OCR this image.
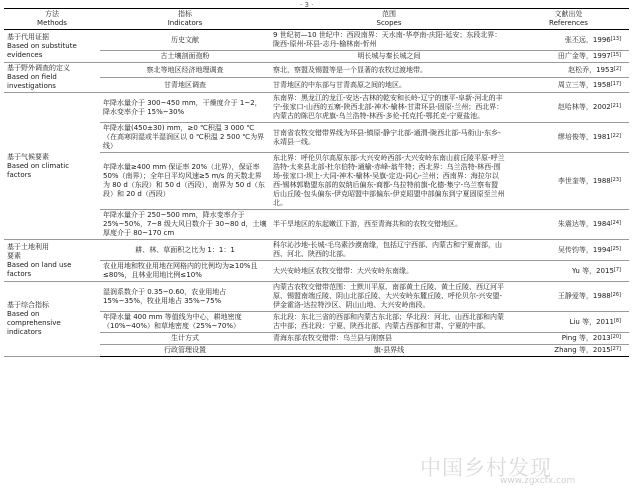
· 3 ·
方法
Methods	指标
Indicators	范围
Scopes	文献出处
References
基于代用证据
Based on substitute
evidences	历史文献	9 世纪初—10 世纪中：西段南界：天水南-华亭南-庆阳-延安；东段北界：陇西-原州-环县-志丹-榆林南-忻州	张丕远，1996[13]
	古土壤剖面孢粉	明长城与秦长城之间	田广金等，1997[15]
基于野外调查的定义
Based on field
investigations	察北等地区经济地理调查	察北，察盟及锡盟等是一个显著的农牧过渡地带。	赵松乔，1953[2]
	甘青地区调查	甘青地区的中东部与甘青高原之间的地区。	周立三等，1958[17]
基于气候要素
Based on climatic
factors	年降水量介于 300~450 mm，干燥度介于 1~2，降水变率介于 15%~30%	东南界：黑龙江的龙江-安达-吉林的乾安和长岭-辽宁的康平-阜新-河北的丰宁-张家口-山西的五寨-陕西北部-神木-榆林-甘肃环县-固原-兰州；西北界：内蒙古的陈巴尔虎旗-乌兰浩特-林西-多伦-托克托-鄂托克-宁夏盐池。	赵哈林等，2002[21]
	年降水量(450±30) mm，≥0 ℃积温 3 000 ℃（在高寒阴湿或半湿润区以 0 ℃积温 2 500 ℃为界线）	甘南省农牧交错带界线为环县-镇原-静宁北部-通渭-陇西北部-马衔山-东乡-永靖县一线。	缪培俊等，1981[22]
	年降水量≥400 mm 保证率 20%（北界），保证率 50%（南界）；全年日平均风速≥5 m/s 的天数北界为 80 d（东段）和 50 d（西段），南界为 50 d（东段）和 20 d（西段）	东北界：呼伦贝尔高原东部-大兴安岭西部-大兴安岭东南山前丘陵平原-呼兰浩特-太来县北部-杜尔伯特-通榆-赤峰-翁牛特；西北界：乌兰浩特-林西-围场-张家口-坝上-大同-神木-榆林-吴旗-定边-同心-兰州；西南界：海拉尔以西-锡林郭勒盟东部的奴纳后偏东-商都-乌拉特前旗-化德-集宁-乌兰察布盟后山丘陵-包头偏东-伊克昭盟中部偏东-伊克昭盟中部偏东到宁夏固原至兰州北。	李世奎等，1988[23]
	年降水量介于 250~500 mm，降水变率介于 25%~50%，7~8 级大风日数介于 30~80 d，土壤厚度介于 80~170 cm	半干旱地区的东起嫩江下游，西至青海共和的农牧交错地区。	朱震达等，1984[24]
基于土地利用
要素
Based on land use
factors	耕、林、草面积之比为 1：1：1	科尔沁沙地-长城-毛乌素沙漠南缘，包括辽宁西部、内蒙古和宁夏南部，山西、河北、陕西的北部。	吴传钧等，1994[25]
	农业用地和牧业用地在网格内的比例均为≥10%且≤80%，且林业用地比例≤10%	大兴安岭地区农牧交错带：大兴安岭东南缘。	Yu 等，2015[7]
基于综合指标
Based on
comprehensive
indicators	湿润系数介于 0.35~0.60，农业用地占 15%~35%，牧业用地占 35%~75%	内蒙古农牧交错带范围：土默川平原、南部黄土丘陵、黄土丘陵、西辽河平原、锡盟南端丘陵、阴山北部丘陵、大兴安岭东麓丘陵、呼伦贝尔-兴安盟-伊金霍洛-达拉特沙区、阴山山地、大兴安岭南段。	王静爱等，1988[26]
	年降水量 400 mm 等值线为中心，耕地密度（10%~40%）和草地密度（25%~70%）	东北段：东北三省的西部和内蒙古东北部；华北段：河北、山西北部和内蒙古中部；西北段：宁夏、陕西北部、内蒙古西部和甘肃、宁夏的中部。	Liu 等，2011[8]
	生计方式	青海东部农牧交错带：乌兰县与刚察县	Ping 等，2013[20]
	行政管理设置	旗-县界线	Zhang 等，2015[27]
中国乡村发现
www.zgxcfx.com
